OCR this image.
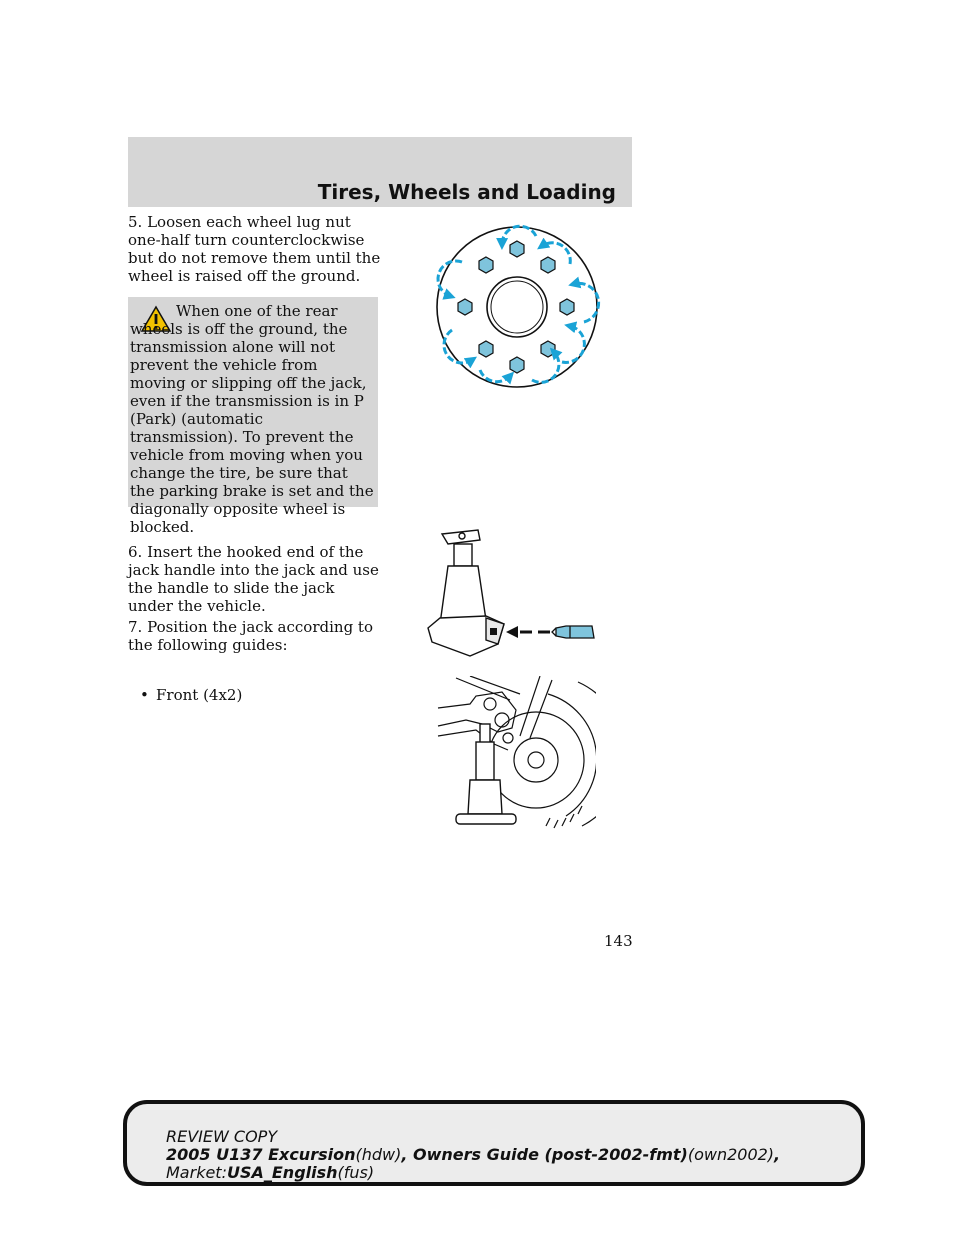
Tires, Wheels and Loading

5. Loosen each wheel lug nut one-half turn counterclockwise but do not remove them until the wheel is raised off the ground.

When one of the rear wheels is off the ground, the transmission alone will not prevent the vehicle from moving or slipping off the jack, even if the transmission is in P (Park) (automatic transmission). To prevent the vehicle from moving when you change the tire, be sure that the parking brake is set and the diagonally opposite wheel is blocked.

6. Insert the hooked end of the jack handle into the jack and use the handle to slide the jack under the vehicle.

7. Position the jack according to the following guides:

• Front (4x2)
143
REVIEW COPY
2005 U137 Excursion(hdw), Owners Guide (post-2002-fmt)(own2002),
Market:USA_English(fus)
